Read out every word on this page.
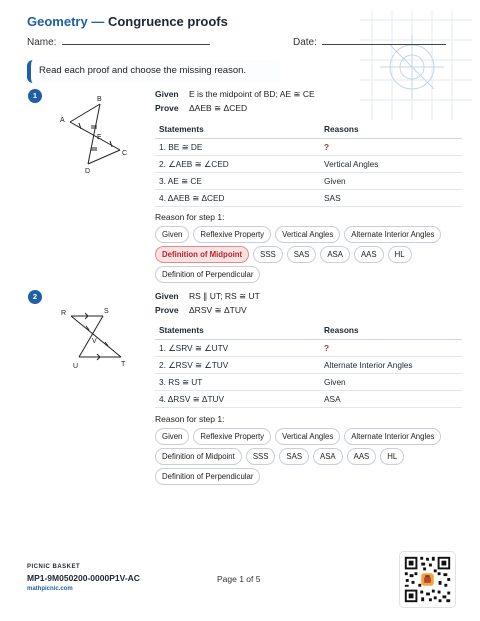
Geometry — Congruence proofs
Name:	Date:
Read each proof and choose the missing reason.
1
A
B
C
D
E
Given E is the midpoint of BD; AE ≅ CE
Prove ΔAEB ≅ ΔCED
Statements	Reasons
1. BE ≅ DE	?
2. ∠AEB ≅ ∠CED	Vertical Angles
3. AE ≅ CE	Given
4. ΔAEB ≅ ΔCED	SAS
Reason for step 1:
Given	Reflexive Property	Vertical Angles	Alternate Interior Angles
Definition of Midpoint	SSS	SAS	ASA	AAS	HL
Definition of Perpendicular
2
R	S
U	T
V
Given RS ∥ UT; RS ≅ UT
Prove ΔRSV ≅ ΔTUV
Statements	Reasons
1. ∠SRV ≅ ∠UTV	?
2. ∠RSV ≅ ∠TUV	Alternate Interior Angles
3. RS ≅ UT	Given
4. ΔRSV ≅ ΔTUV	ASA
Reason for step 1:
Given	Reflexive Property	Vertical Angles	Alternate Interior Angles
Definition of Midpoint	SSS	SAS	ASA	AAS	HL
Definition of Perpendicular
PICNIC BASKET
MP1-9M050200-0000P1V-AC
mathpicnic.com
Page 1 of 5
